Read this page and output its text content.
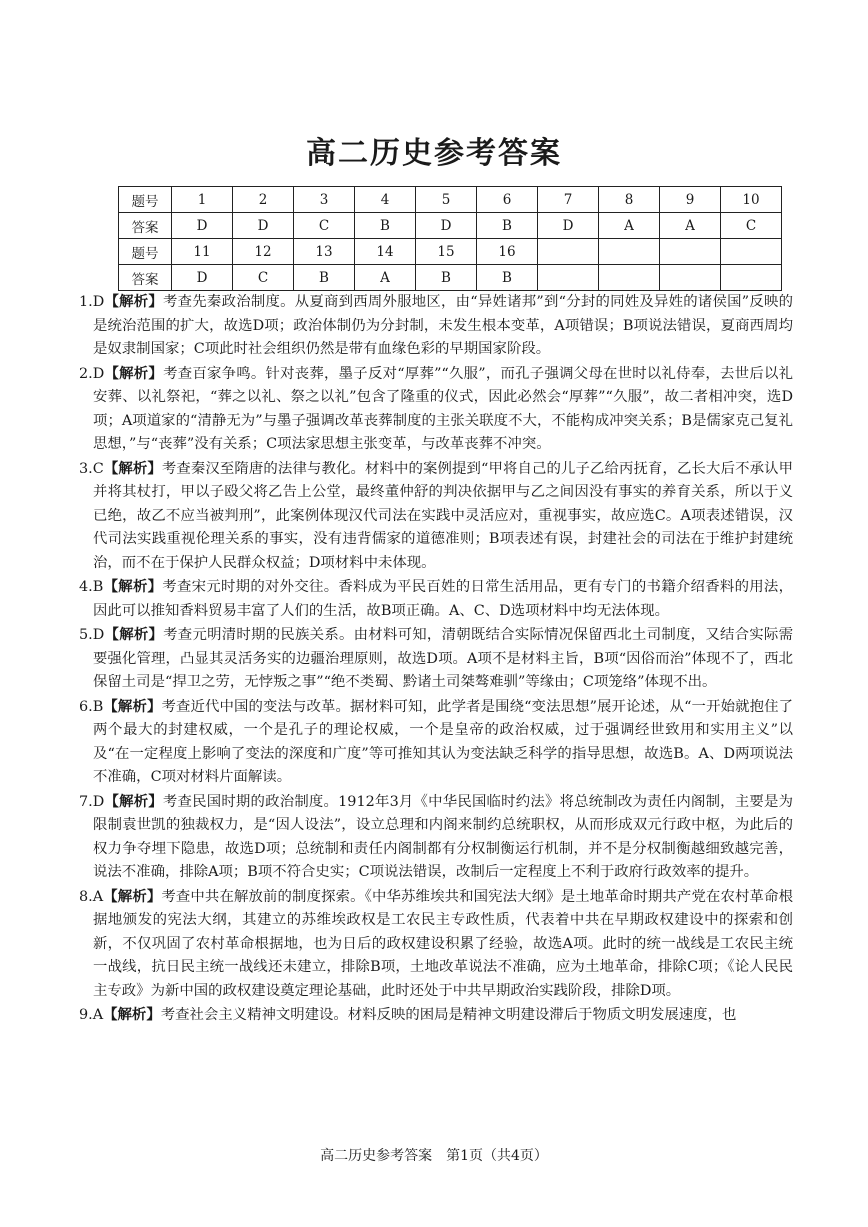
高二历史参考答案
题号	1	2	3	4	5	6	7	8	9	10
答案	D	D	C	B	D	B	D	A	A	C
题号	11	12	13	14	15	16				
答案	D	C	B	A	B	B				

1.D【解析】考查先秦政治制度。从夏商到西周外服地区，由“异姓诸邦”到“分封的同姓及异姓的诸侯国”反映的是统治范围的扩大，故选D项；政治体制仍为分封制，未发生根本变革，A项错误；B项说法错误，夏商西周均是奴隶制国家；C项此时社会组织仍然是带有血缘色彩的早期国家阶段。

2.D【解析】考查百家争鸣。针对丧葬，墨子反对“厚葬”“久服”，而孔子强调父母在世时以礼侍奉，去世后以礼安葬、以礼祭祀，“葬之以礼、祭之以礼”包含了隆重的仪式，因此必然会“厚葬”“久服”，故二者相冲突，选D项；A项道家的“清静无为”与墨子强调改革丧葬制度的主张关联度不大，不能构成冲突关系；B是儒家克己复礼思想，”与“丧葬”没有关系；C项法家思想主张变革，与改革丧葬不冲突。

3.C【解析】考查秦汉至隋唐的法律与教化。材料中的案例提到“甲将自己的儿子乙给丙抚育，乙长大后不承认甲并将其杖打，甲以子殴父将乙告上公堂，最终董仲舒的判决依据甲与乙之间因没有事实的养育关系，所以于义已绝，故乙不应当被判刑”，此案例体现汉代司法在实践中灵活应对，重视事实，故应选C。A项表述错误，汉代司法实践重视伦理关系的事实，没有违背儒家的道德准则；B项表述有误，封建社会的司法在于维护封建统治，而不在于保护人民群众权益；D项材料中未体现。

4.B【解析】考查宋元时期的对外交往。香料成为平民百姓的日常生活用品，更有专门的书籍介绍香料的用法，因此可以推知香料贸易丰富了人们的生活，故B项正确。A、C、D选项材料中均无法体现。

5.D【解析】考查元明清时期的民族关系。由材料可知，清朝既结合实际情况保留西北土司制度，又结合实际需要强化管理，凸显其灵活务实的边疆治理原则，故选D项。A项不是材料主旨，B项“因俗而治”体现不了，西北保留土司是“捍卫之劳，无悖叛之事”“绝不类蜀、黔诸土司桀骜难驯”等缘由；C项笼络”体现不出。

6.B【解析】考查近代中国的变法与改革。据材料可知，此学者是围绕“变法思想”展开论述，从“一开始就抱住了两个最大的封建权威，一个是孔子的理论权威，一个是皇帝的政治权威，过于强调经世致用和实用主义”以及“在一定程度上影响了变法的深度和广度”等可推知其认为变法缺乏科学的指导思想，故选B。A、D两项说法不准确，C项对材料片面解读。

7.D【解析】考查民国时期的政治制度。1912年3月《中华民国临时约法》将总统制改为责任内阁制，主要是为限制袁世凯的独裁权力，是“因人设法”，设立总理和内阁来制约总统职权，从而形成双元行政中枢，为此后的权力争夺埋下隐患，故选D项；总统制和责任内阁制都有分权制衡运行机制，并不是分权制衡越细致越完善，说法不准确，排除A项；B项不符合史实；C项说法错误，改制后一定程度上不利于政府行政效率的提升。

8.A【解析】考查中共在解放前的制度探索。《中华苏维埃共和国宪法大纲》是土地革命时期共产党在农村革命根据地颁发的宪法大纲，其建立的苏维埃政权是工农民主专政性质，代表着中共在早期政权建设中的探索和创新，不仅巩固了农村革命根据地，也为日后的政权建设积累了经验，故选A项。此时的统一战线是工农民主统一战线，抗日民主统一战线还未建立，排除B项，土地改革说法不准确，应为土地革命，排除C项；《论人民民主专政》为新中国的政权建设奠定理论基础，此时还处于中共早期政治实践阶段，排除D项。

9.A【解析】考查社会主义精神文明建设。材料反映的困局是精神文明建设滞后于物质文明发展速度，也

高二历史参考答案　第1页（共4页）
